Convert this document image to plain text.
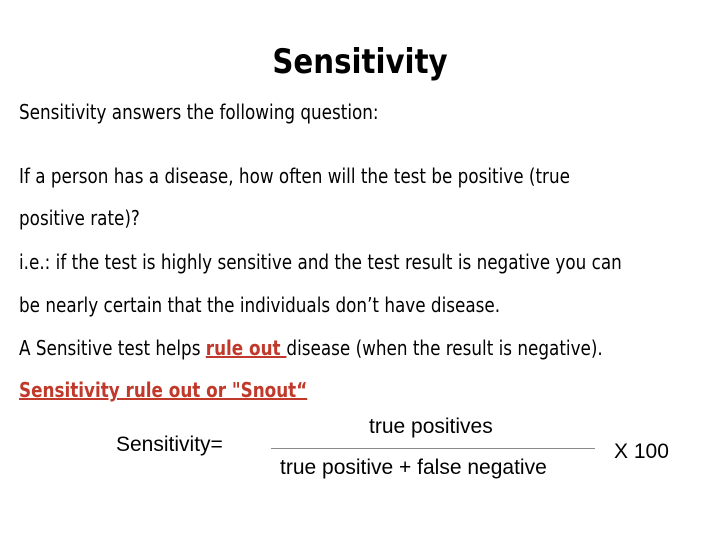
Sensitivity
Sensitivity answers the following question:
If a person has a disease, how often will the test be positive (true
positive rate)?
i.e.: if the test is highly sensitive and the test result is negative you can
be nearly certain that the individuals don’t have disease.
A Sensitive test helps rule out disease (when the result is negative).
Sensitivity rule out or "Snout“
Sensitivity=
true positives
true positive + false negative
X 100
